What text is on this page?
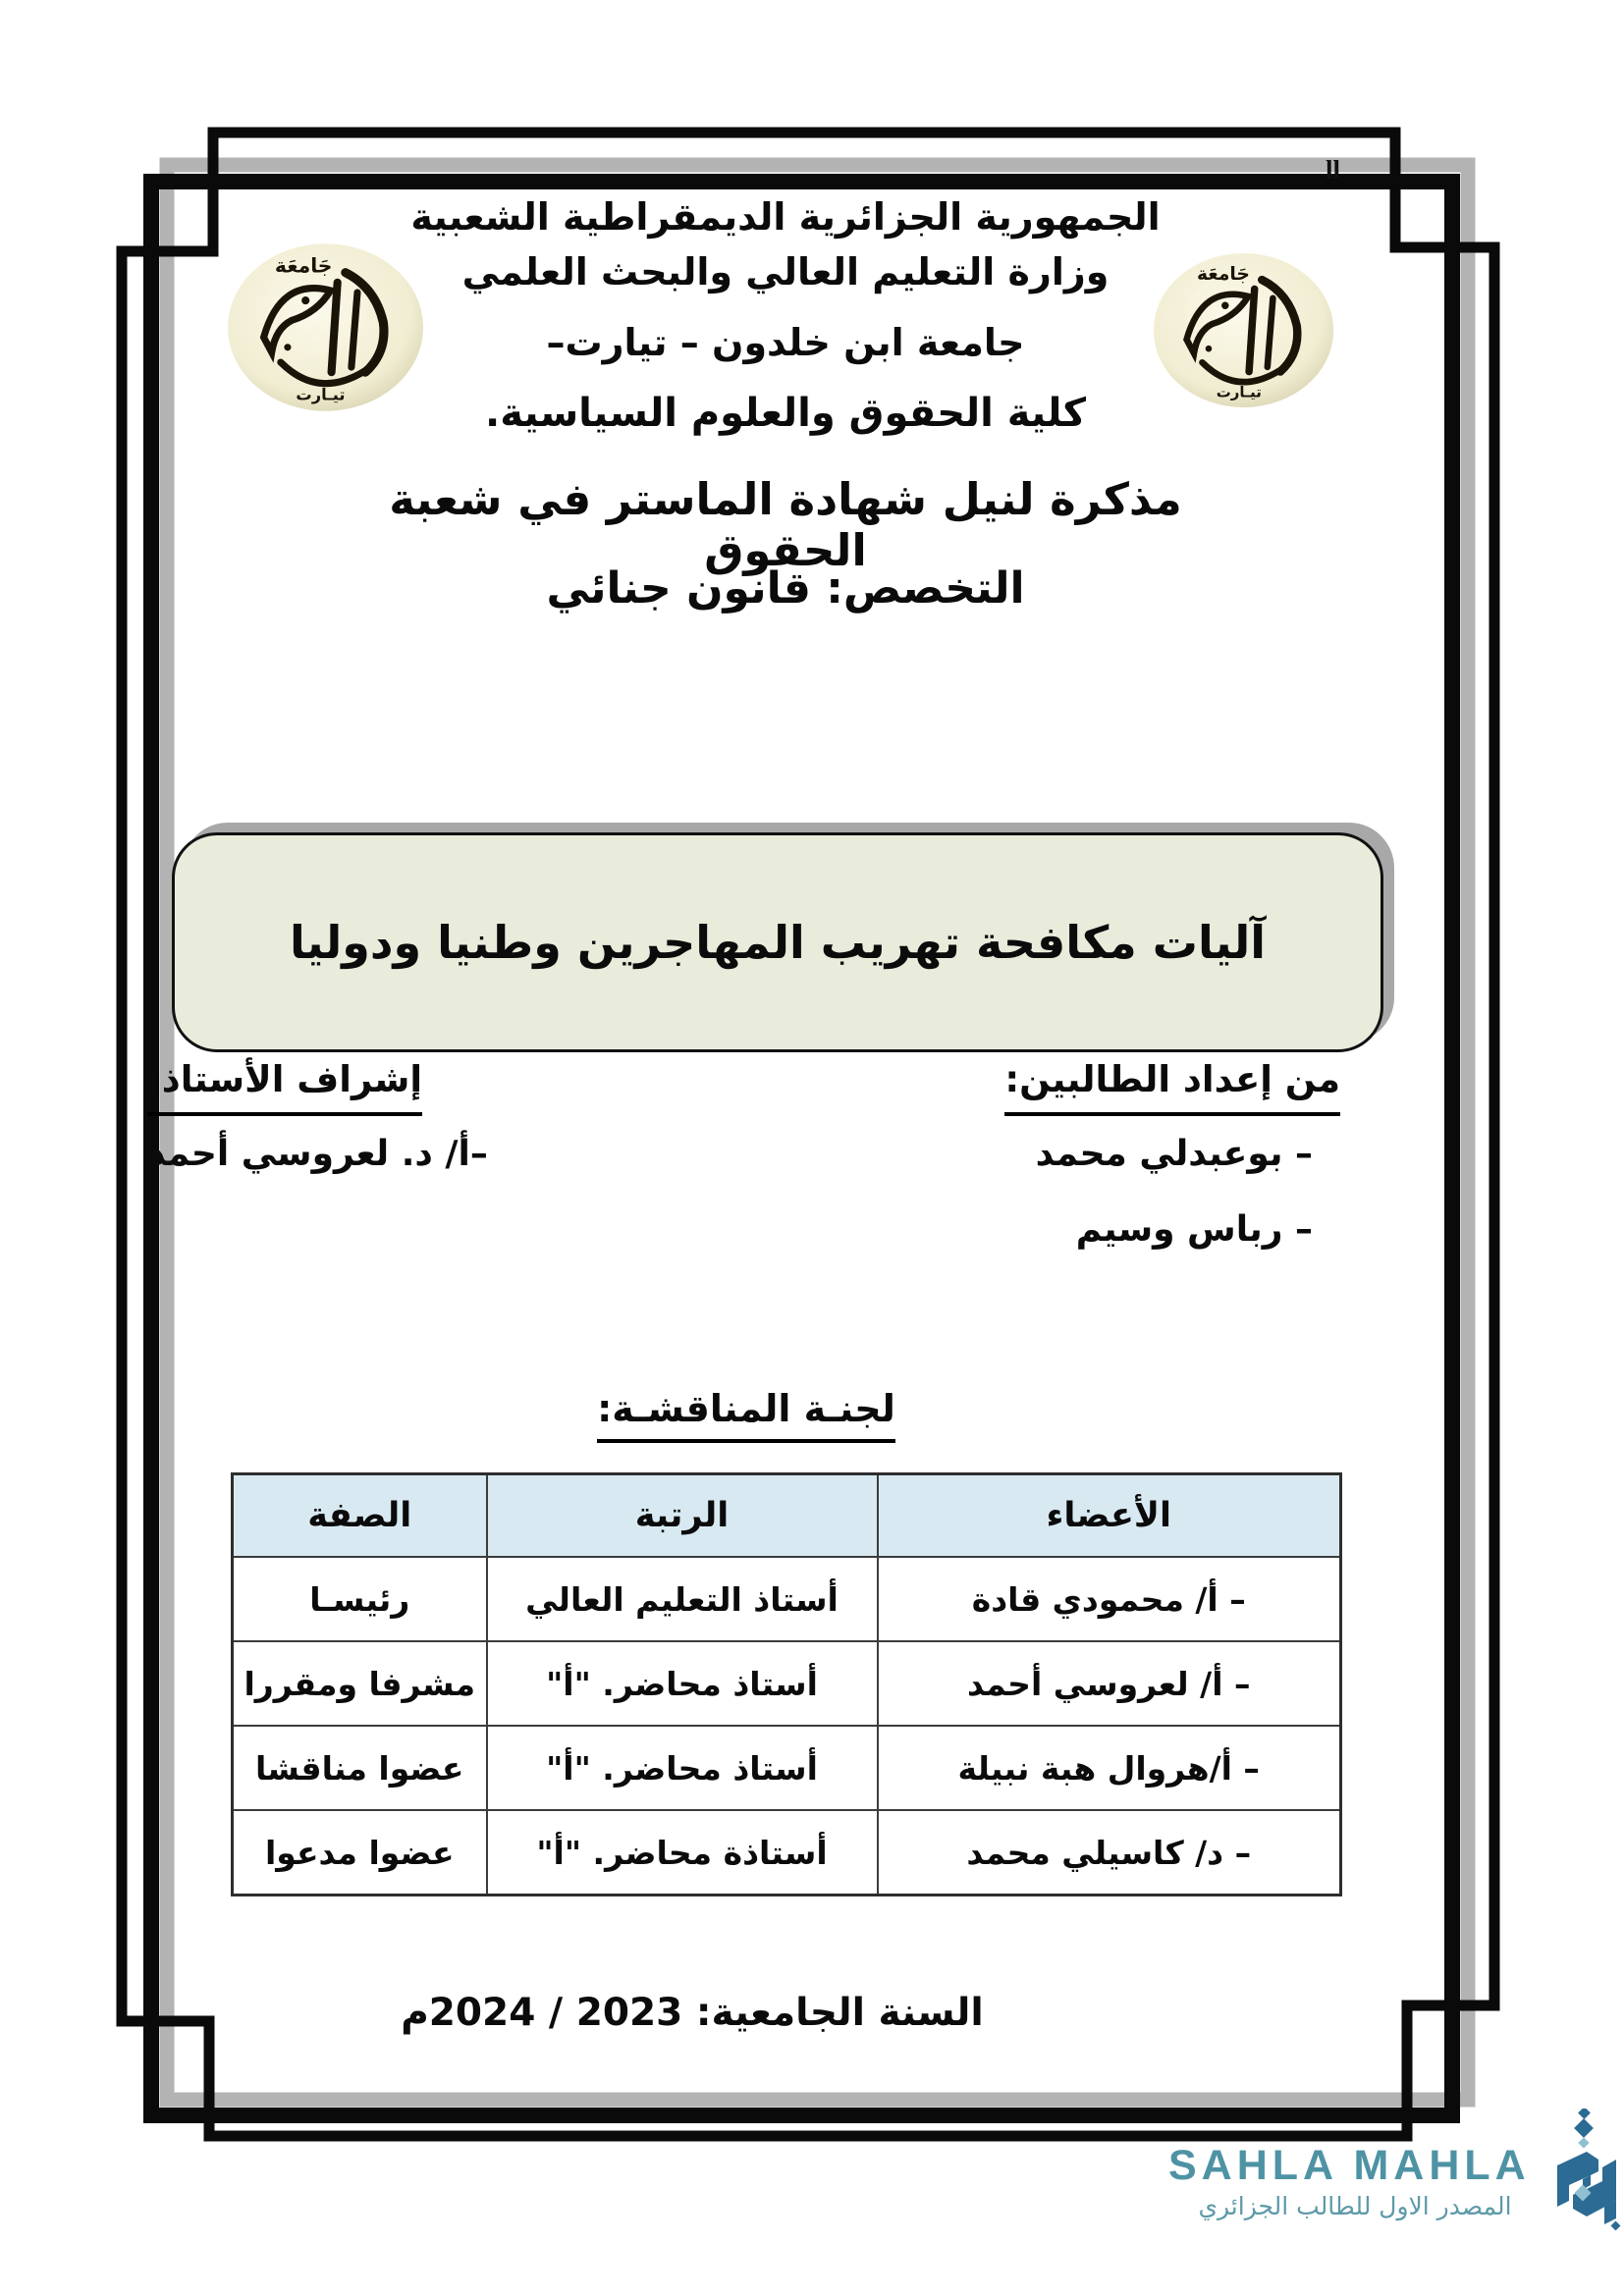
ll
جَامعَة
تيـارت
جَامعَة
تيـارت
الجمهورية الجزائرية الديمقراطية الشعبية
وزارة التعليم العالي والبحث العلمي
جامعة ابن خلدون – تيارت–
كلية الحقوق والعلوم السياسية.
مذكرة لنيل شهادة الماستر في شعبة الحقوق
التخصص: قانون جنائي
آليات مكافحة تهريب المهاجرين وطنيا ودوليا
من إعداد الطالبين:
– بوعبدلي محمد
– رباس وسيم
إشراف الأستاذ:
–أ/ د. لعروسي أحمد
لجنـة المناقشـة:
الأعضاء	الرتبة	الصفة
– أ/ محمودي قادة	أستاذ التعليم العالي	رئيسـا
– أ/ لعروسي أحمد	أستاذ محاضر. "أ"	مشرفا ومقررا
– أ/هروال هبة نبيلة	أستاذ محاضر. "أ"	عضوا مناقشا
– د/ كاسيلي محمد	أستاذة محاضر. "أ"	عضوا مدعوا
السنة الجامعية: 2023 / 2024م
SAHLA MAHLA
المصدر الاول للطالب الجزائري
